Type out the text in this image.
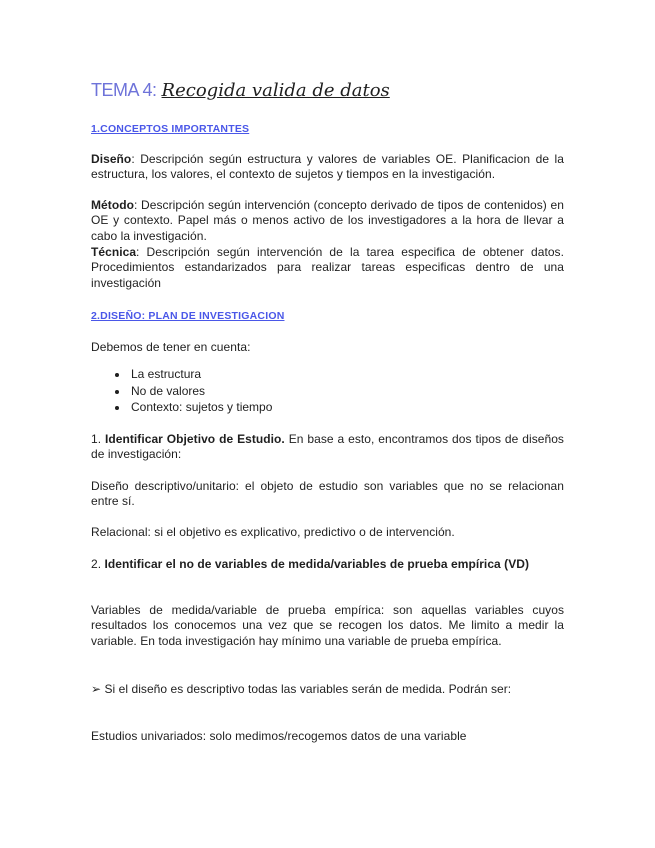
TEMA 4: Recogida valida de datos
1.CONCEPTOS IMPORTANTES
Diseño: Descripción según estructura y valores de variables OE. Planificacion de la estructura, los valores, el contexto de sujetos y tiempos en la investigación.
Método: Descripción según intervención (concepto derivado de tipos de contenidos) en OE y contexto. Papel más o menos activo de los investigadores a la hora de llevar a cabo la investigación.
Técnica: Descripción según intervención de la tarea especifica de obtener datos. Procedimientos estandarizados para realizar tareas especificas dentro de una investigación
2.DISEÑO: PLAN DE INVESTIGACION
Debemos de tener en cuenta:
• La estructura
• No de valores
• Contexto: sujetos y tiempo
1. Identificar Objetivo de Estudio. En base a esto, encontramos dos tipos de diseños de investigación:
Diseño descriptivo/unitario: el objeto de estudio son variables que no se relacionan entre sí.
Relacional: si el objetivo es explicativo, predictivo o de intervención.
2. Identificar el no de variables de medida/variables de prueba empírica (VD)
Variables de medida/variable de prueba empírica: son aquellas variables cuyos resultados los conocemos una vez que se recogen los datos. Me limito a medir la variable. En toda investigación hay mínimo una variable de prueba empírica.
➢ Si el diseño es descriptivo todas las variables serán de medida. Podrán ser:
Estudios univariados: solo medimos/recogemos datos de una variable
